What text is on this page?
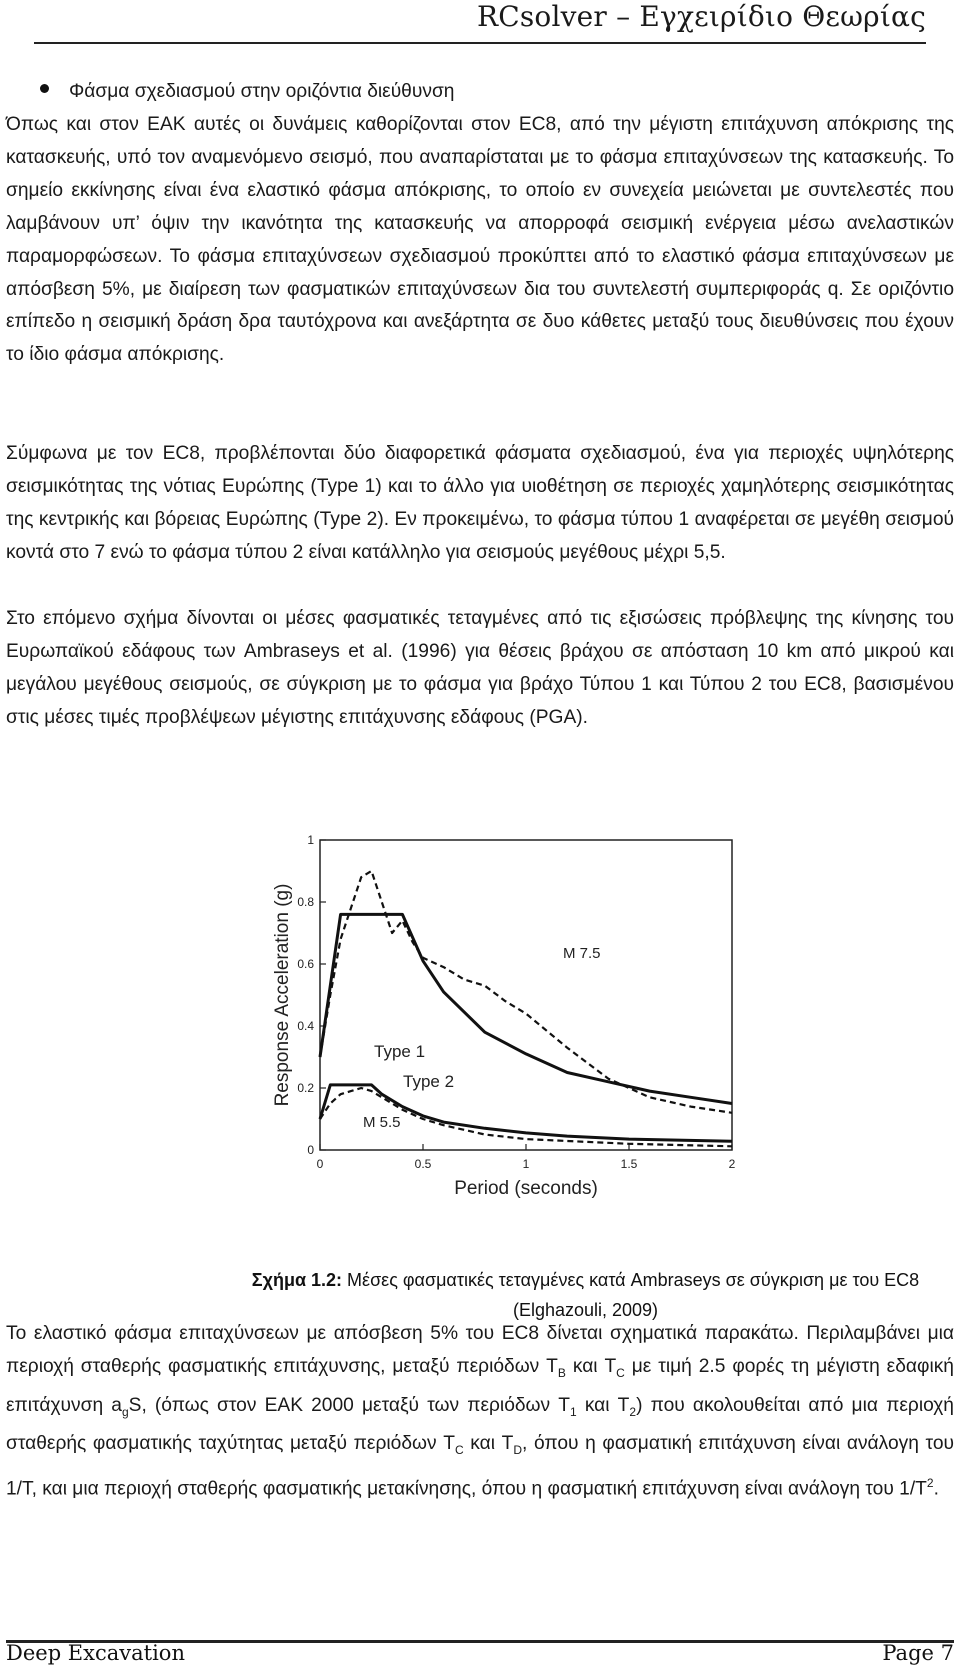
RCsolver – Εγχειρίδιο Θεωρίας
Φάσμα σχεδιασμού στην οριζόντια διεύθυνση
Όπως και στον ΕΑΚ αυτές οι δυνάμεις καθορίζονται στον EC8, από την μέγιστη επιτάχυνση απόκρισης της κατασκευής, υπό τον αναμενόμενο σεισμό, που αναπαρίσταται με το φάσμα επιταχύνσεων της κατασκευής. Το σημείο εκκίνησης είναι ένα ελαστικό φάσμα απόκρισης, το οποίο εν συνεχεία μειώνεται με συντελεστές που λαμβάνουν υπ’ όψιν την ικανότητα της κατασκευής να απορροφά σεισμική ενέργεια μέσω ανελαστικών παραμορφώσεων. Το φάσμα επιταχύνσεων σχεδιασμού προκύπτει από το ελαστικό φάσμα επιταχύνσεων με απόσβεση 5%, με διαίρεση των φασματικών επιταχύνσεων δια του συντελεστή συμπεριφοράς q. Σε οριζόντιο επίπεδο η σεισμική δράση δρα ταυτόχρονα και ανεξάρτητα σε δυο κάθετες μεταξύ τους διευθύνσεις που έχουν το ίδιο φάσμα απόκρισης.
Σύμφωνα με τον EC8, προβλέπονται δύο διαφορετικά φάσματα σχεδιασμού, ένα για περιοχές υψηλότερης σεισμικότητας της νότιας Ευρώπης (Type 1) και το άλλο για υιοθέτηση σε περιοχές χαμηλότερης σεισμικότητας της κεντρικής και βόρειας Ευρώπης (Type 2). Εν προκειμένω, το φάσμα τύπου 1 αναφέρεται σε μεγέθη σεισμού κοντά στο 7 ενώ το φάσμα τύπου 2 είναι κατάλληλο για σεισμούς μεγέθους μέχρι 5,5.
Στο επόμενο σχήμα δίνονται οι μέσες φασματικές τεταγμένες από τις εξισώσεις πρόβλεψης της κίνησης του Ευρωπαϊκού εδάφους των Ambraseys et al. (1996) για θέσεις βράχου σε απόσταση 10 km από μικρού και μεγάλου μεγέθους σεισμούς, σε σύγκριση με το φάσμα για βράχο Τύπου 1 και Τύπου 2 του EC8, βασισμένου στις μέσες τιμές προβλέψεων μέγιστης επιτάχυνσης εδάφους (PGA).
0
0.2
0.4
0.6
0.8
1
0	0.5	1	1.5	2
Type 2
Type 1
M 7.5
M 5.5
Period (seconds)
Response Acceleration (g)
Σχήμα 1.2: Μέσες φασματικές τεταγμένες κατά Ambraseys σε σύγκριση με του EC8 (Elghazouli, 2009)
Το ελαστικό φάσμα επιταχύνσεων με απόσβεση 5% του EC8 δίνεται σχηματικά παρακάτω. Περιλαμβάνει μια περιοχή σταθερής φασματικής επιτάχυνσης, μεταξύ περιόδων $T_B$ και $T_C$ με τιμή 2.5 φορές τη μέγιστη εδαφική επιτάχυνση $a_gS$, (όπως στον ΕΑΚ 2000 μεταξύ των περιόδων $T_1$ και $T_2$) που ακολουθείται από μια περιοχή σταθερής φασματικής ταχύτητας μεταξύ περιόδων $T_C$ και $T_D$, όπου η φασματική επιτάχυνση είναι ανάλογη του 1/T, και μια περιοχή σταθερής φασματικής μετακίνησης, όπου η φασματική επιτάχυνση είναι ανάλογη του $1/T^2$.
Deep Excavation	Page 7
